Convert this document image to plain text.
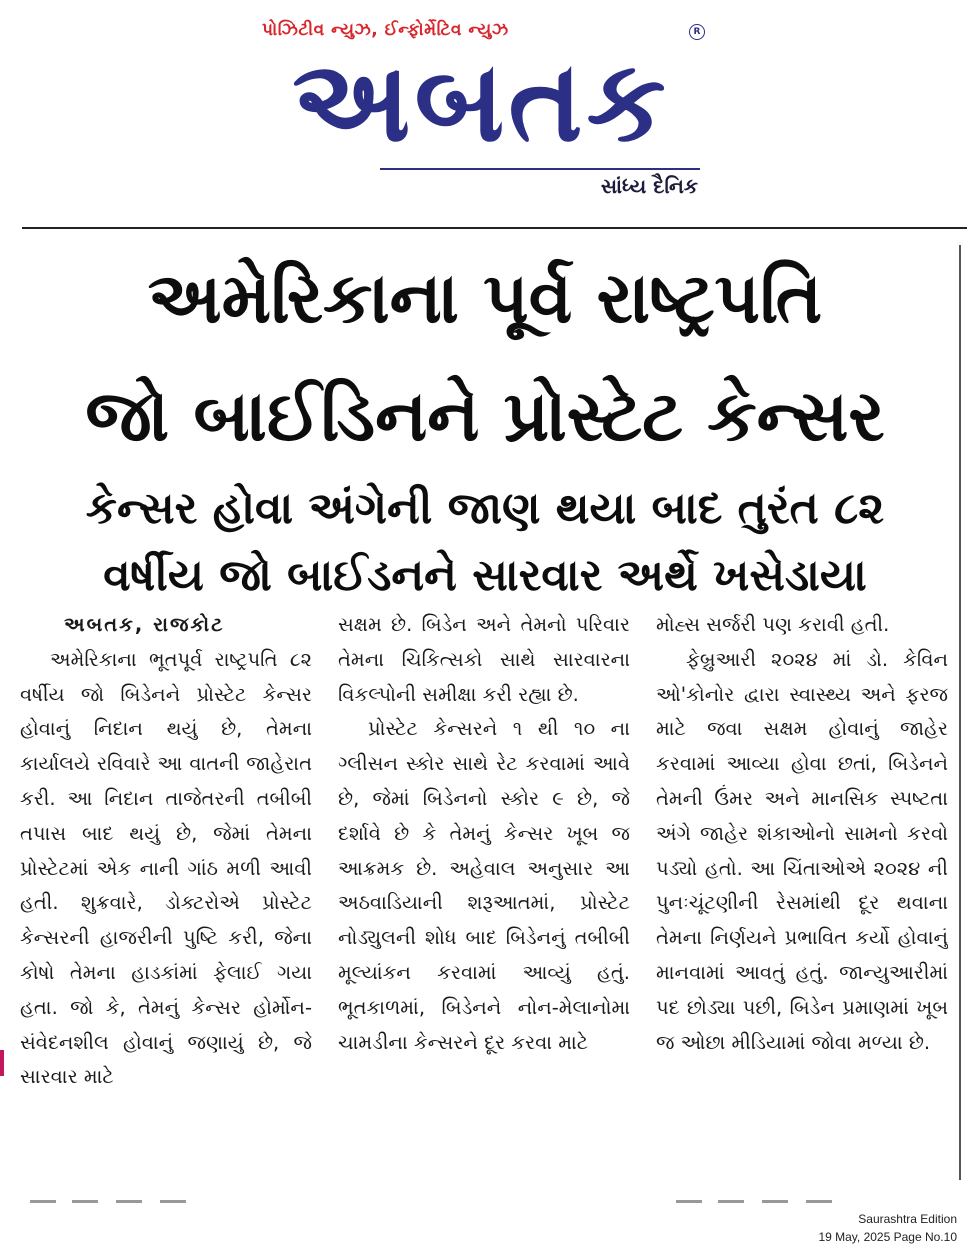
પોઝિટીવ ન્યુઝ, ઈન્ફોર્મેટિવ ન્યુઝ	R
અબતક
સાંધ્ય દૈનિક
અમેરિકાના પૂર્વ રાષ્ટ્રપતિ
જો બાઈડિનને પ્રોસ્ટેટ કેન્સર
કેન્સર હોવા અંગેની જાણ થયા બાદ તુરંત ૮૨
વર્ષીય જો બાઈડનને સારવાર અર્થે ખસેડાયા

અબતક, રાજકોટ

અમેરિકાના ભૂતપૂર્વ રાષ્ટ્રપતિ ૮૨ વર્ષીય જો બિડેનને પ્રોસ્ટેટ કેન્સર હોવાનું નિદાન થયું છે, તેમના કાર્યાલયે રવિવારે આ વાતની જાહેરાત કરી. આ નિદાન તાજેતરની તબીબી તપાસ બાદ થયું છે, જેમાં તેમના પ્રોસ્ટેટમાં એક નાની ગાંઠ મળી આવી હતી. શુક્રવારે, ડોક્ટરોએ પ્રોસ્ટેટ કેન્સરની હાજરીની પુષ્ટિ કરી, જેના કોષો તેમના હાડકાંમાં ફેલાઈ ગયા હતા. જો કે, તેમનું કેન્સર હોર્મોન-સંવેદનશીલ હોવાનું જણાયું છે, જે સારવાર માટે

સક્ષમ છે. બિડેન અને તેમનો પરિવાર તેમના ચિકિત્સકો સાથે સારવારના વિકલ્પોની સમીક્ષા કરી રહ્યા છે.

પ્રોસ્ટેટ કેન્સરને ૧ થી ૧૦ ના ગ્લીસન સ્કોર સાથે રેટ કરવામાં આવે છે, જેમાં બિડેનનો સ્કોર ૯ છે, જે દર્શાવે છે કે તેમનું કેન્સર ખૂબ જ આક્રમક છે. અહેવાલ અનુસાર આ અઠવાડિયાની શરૂઆતમાં, પ્રોસ્ટેટ નોડ્યુલની શોધ બાદ બિડેનનું તબીબી મૂલ્યાંકન કરવામાં આવ્યું હતું. ભૂતકાળમાં, બિડેનને નોન-મેલાનોમા ચામડીના કેન્સરને દૂર કરવા માટે

મોહ્સ સર્જરી પણ કરાવી હતી.

ફેબ્રુઆરી ૨૦૨૪ માં ડો. કેવિન ઓ'કોનોર દ્વારા સ્વાસ્થ્ય અને ફરજ માટે જવા સક્ષમ હોવાનું જાહેર કરવામાં આવ્યા હોવા છતાં, બિડેનને તેમની ઉંમર અને માનસિક સ્પષ્ટતા અંગે જાહેર શંકાઓનો સામનો કરવો પડ્યો હતો. આ ચિંતાઓએ ૨૦૨૪ ની પુનઃચૂંટણીની રેસમાંથી દૂર થવાના તેમના નિર્ણયને પ્રભાવિત કર્યો હોવાનું માનવામાં આવતું હતું. જાન્યુઆરીમાં પદ છોડ્યા પછી, બિડેન પ્રમાણમાં ખૂબ જ ઓછા મીડિયામાં જોવા મળ્યા છે.

Saurashtra Edition
19 May, 2025 Page No.10
